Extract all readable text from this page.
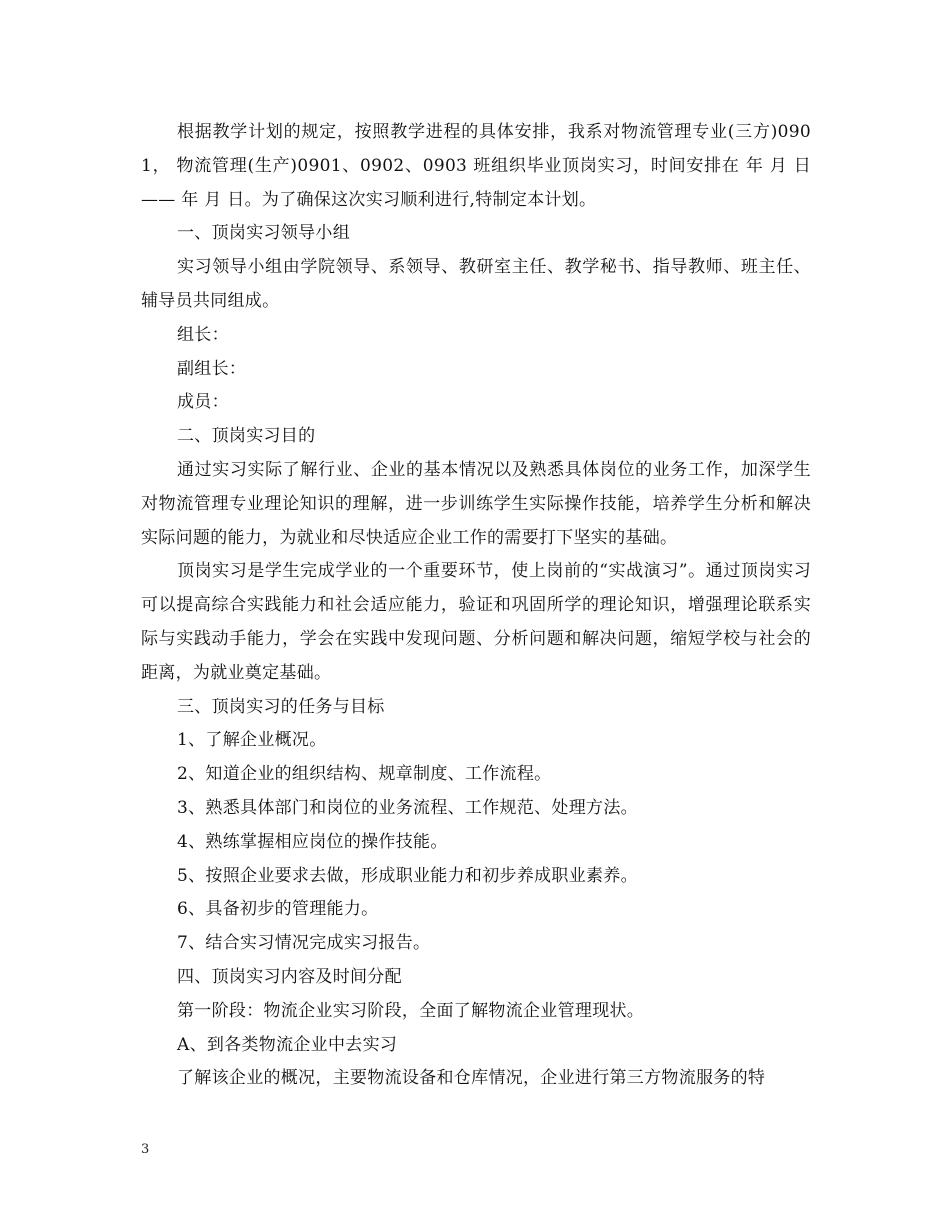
根据教学计划的规定，按照教学进程的具体安排，我系对物流管理专业(三方)0901， 物流管理(生产)0901、0902、0903 班组织毕业顶岗实习，时间安排在 年 月 日—— 年 月 日。为了确保这次实习顺利进行,特制定本计划。

一、顶岗实习领导小组

实习领导小组由学院领导、系领导、教研室主任、教学秘书、指导教师、班主任、辅导员共同组成。

组长：

副组长：

成员：

二、顶岗实习目的

通过实习实际了解行业、企业的基本情况以及熟悉具体岗位的业务工作，加深学生对物流管理专业理论知识的理解，进一步训练学生实际操作技能，培养学生分析和解决实际问题的能力，为就业和尽快适应企业工作的需要打下坚实的基础。

顶岗实习是学生完成学业的一个重要环节，使上岗前的“实战演习”。通过顶岗实习可以提高综合实践能力和社会适应能力，验证和巩固所学的理论知识，增强理论联系实际与实践动手能力，学会在实践中发现问题、分析问题和解决问题，缩短学校与社会的距离，为就业奠定基础。

三、顶岗实习的任务与目标

1、了解企业概况。

2、知道企业的组织结构、规章制度、工作流程。

3、熟悉具体部门和岗位的业务流程、工作规范、处理方法。

4、熟练掌握相应岗位的操作技能。

5、按照企业要求去做，形成职业能力和初步养成职业素养。

6、具备初步的管理能力。

7、结合实习情况完成实习报告。

四、顶岗实习内容及时间分配

第一阶段：物流企业实习阶段，全面了解物流企业管理现状。

A、到各类物流企业中去实习

了解该企业的概况，主要物流设备和仓库情况，企业进行第三方物流服务的特

3
